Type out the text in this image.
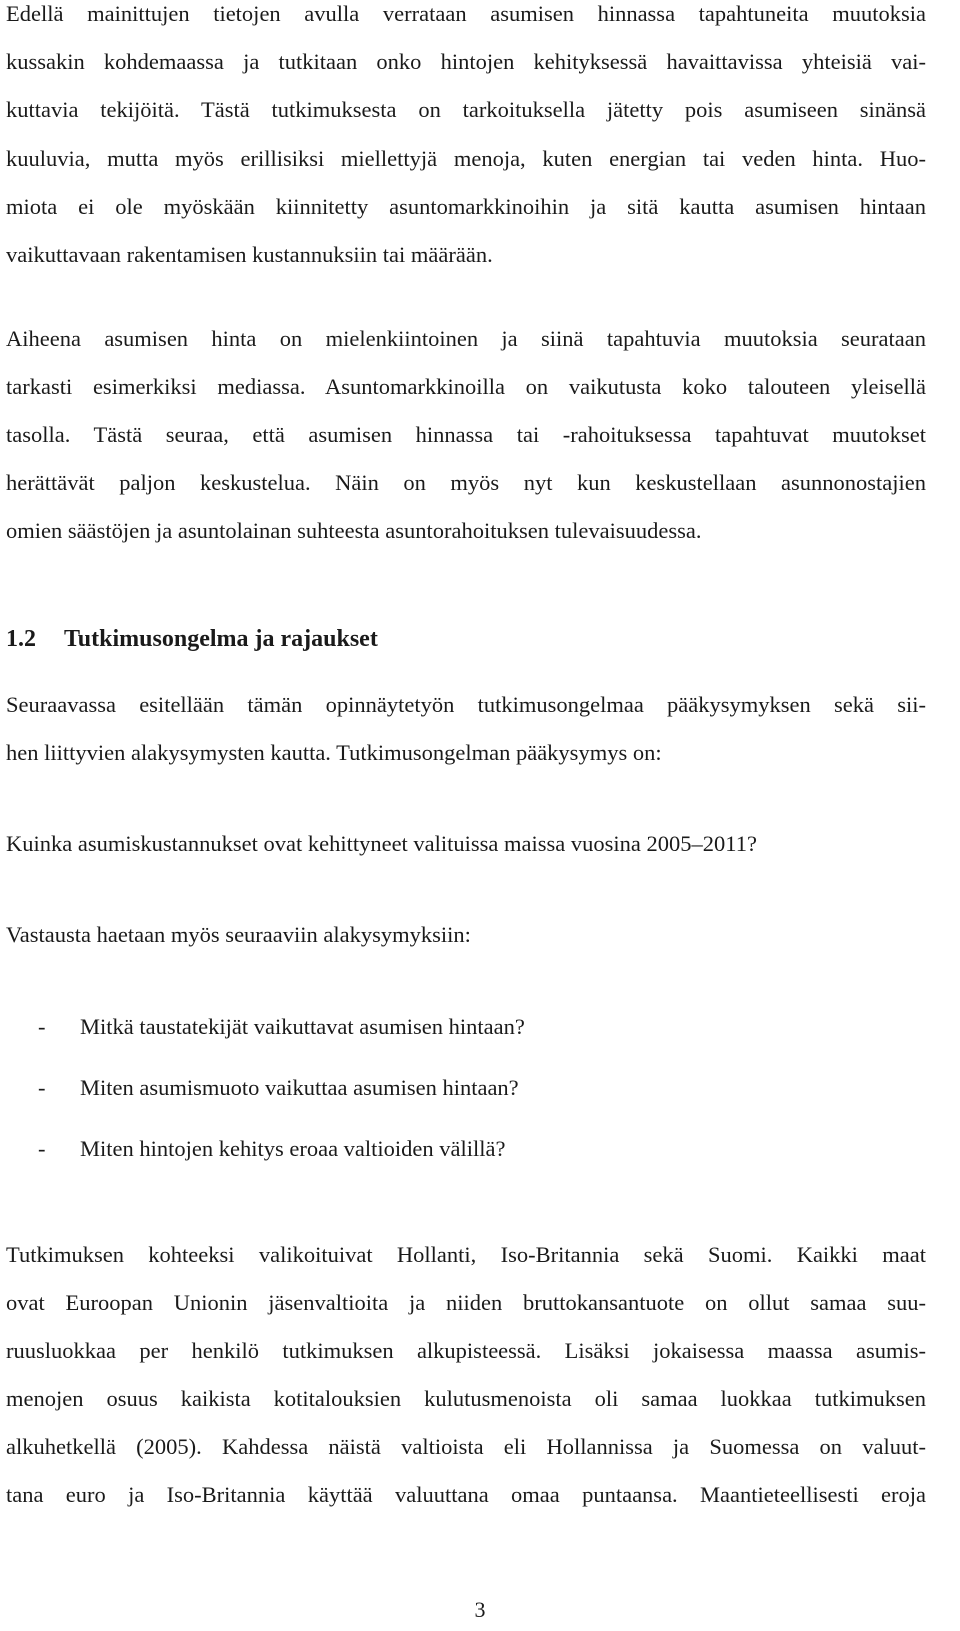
Edellä mainittujen tietojen avulla verrataan asumisen hinnassa tapahtuneita muutoksia
kussakin kohdemaassa ja tutkitaan onko hintojen kehityksessä havaittavissa yhteisiä vai-
kuttavia tekijöitä. Tästä tutkimuksesta on tarkoituksella jätetty pois asumiseen sinänsä
kuuluvia, mutta myös erillisiksi miellettyjä menoja, kuten energian tai veden hinta. Huo-
miota ei ole myöskään kiinnitetty asuntomarkkinoihin ja sitä kautta asumisen hintaan
vaikuttavaan rakentamisen kustannuksiin tai määrään.
Aiheena asumisen hinta on mielenkiintoinen ja siinä tapahtuvia muutoksia seurataan
tarkasti esimerkiksi mediassa. Asuntomarkkinoilla on vaikutusta koko talouteen yleisellä
tasolla. Tästä seuraa, että asumisen hinnassa tai -rahoituksessa tapahtuvat muutokset
herättävät paljon keskustelua. Näin on myös nyt kun keskustellaan asunnonostajien
omien säästöjen ja asuntolainan suhteesta asuntorahoituksen tulevaisuudessa.
1.2 Tutkimusongelma ja rajaukset
Seuraavassa esitellään tämän opinnäytetyön tutkimusongelmaa pääkysymyksen sekä sii-
hen liittyvien alakysymysten kautta. Tutkimusongelman pääkysymys on:
Kuinka asumiskustannukset ovat kehittyneet valituissa maissa vuosina 2005–2011?
Vastausta haetaan myös seuraaviin alakysymyksiin:
- Mitkä taustatekijät vaikuttavat asumisen hintaan?
- Miten asumismuoto vaikuttaa asumisen hintaan?
- Miten hintojen kehitys eroaa valtioiden välillä?
Tutkimuksen kohteeksi valikoituivat Hollanti, Iso-Britannia sekä Suomi. Kaikki maat
ovat Euroopan Unionin jäsenvaltioita ja niiden bruttokansantuote on ollut samaa suu-
ruusluokkaa per henkilö tutkimuksen alkupisteessä. Lisäksi jokaisessa maassa asumis-
menojen osuus kaikista kotitalouksien kulutusmenoista oli samaa luokkaa tutkimuksen
alkuhetkellä (2005). Kahdessa näistä valtioista eli Hollannissa ja Suomessa on valuut-
tana euro ja Iso-Britannia käyttää valuuttana omaa puntaansa. Maantieteellisesti eroja
3
